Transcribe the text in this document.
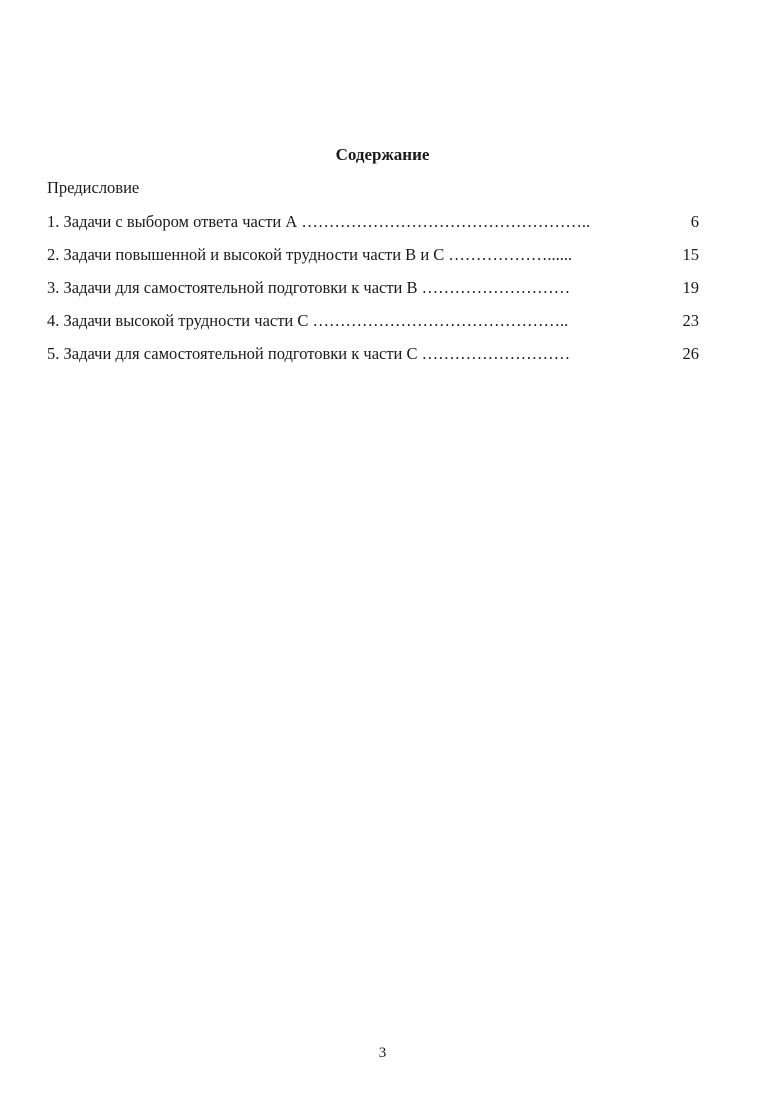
Содержание
Предисловие
1. Задачи с выбором ответа части А ……………………………………………..	6
2. Задачи повышенной и высокой трудности части В и С ………………......	15
3. Задачи для самостоятельной подготовки к части В ………………………	19
4. Задачи высокой трудности части С ………………………………………..	23
5. Задачи для самостоятельной подготовки к части С ………………………	26
3
